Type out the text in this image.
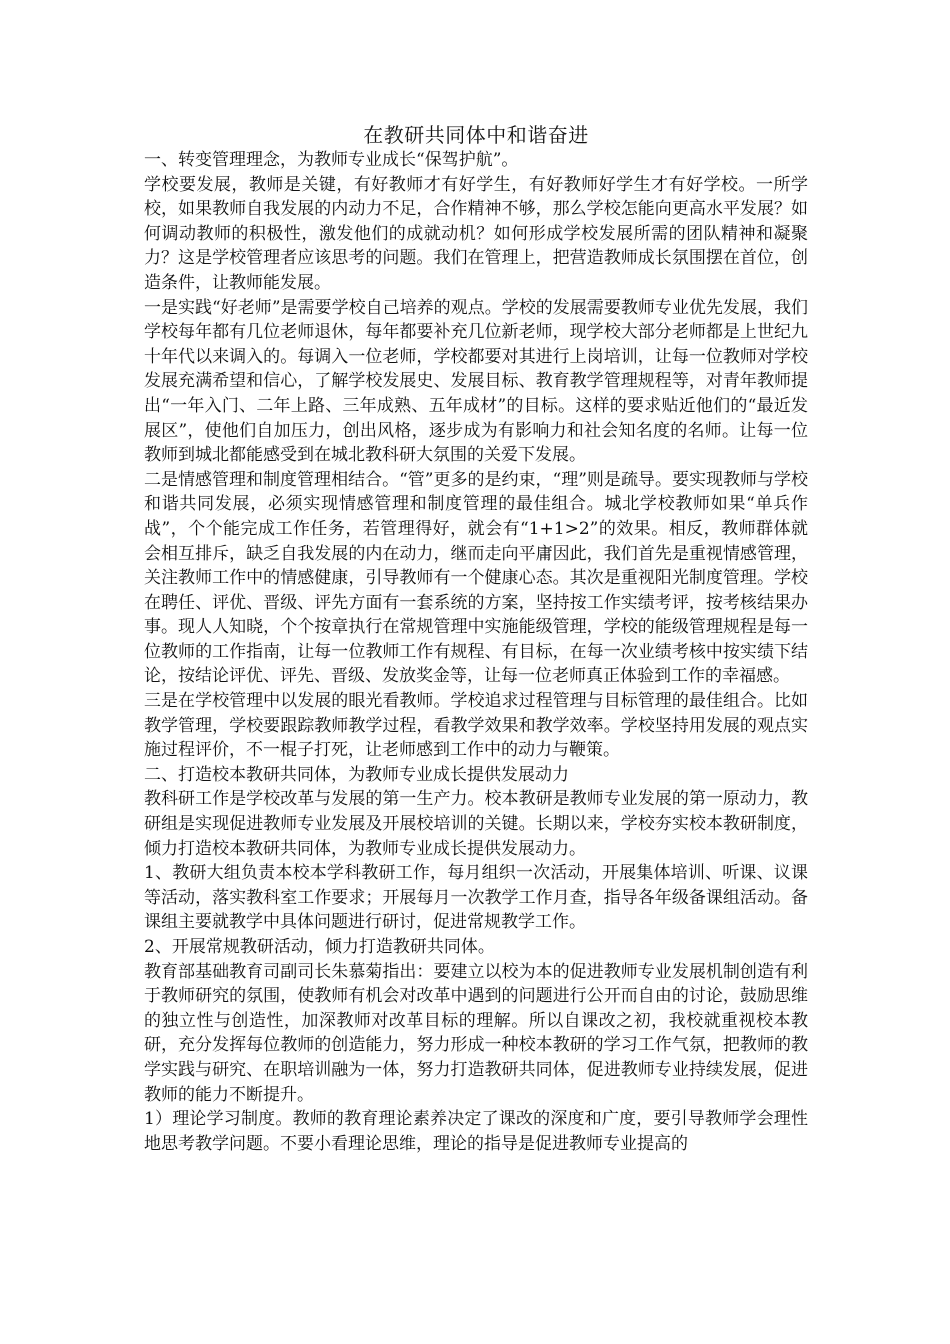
在教研共同体中和谐奋进

一、转变管理理念，为教师专业成长“保驾护航”。

学校要发展，教师是关键，有好教师才有好学生，有好教师好学生才有好学校。一所学校，如果教师自我发展的内动力不足，合作精神不够，那么学校怎能向更高水平发展？如何调动教师的积极性，激发他们的成就动机？如何形成学校发展所需的团队精神和凝聚力？这是学校管理者应该思考的问题。我们在管理上，把营造教师成长氛围摆在首位，创造条件，让教师能发展。

一是实践“好老师”是需要学校自己培养的观点。学校的发展需要教师专业优先发展，我们学校每年都有几位老师退休，每年都要补充几位新老师，现学校大部分老师都是上世纪九十年代以来调入的。每调入一位老师，学校都要对其进行上岗培训，让每一位教师对学校发展充满希望和信心，了解学校发展史、发展目标、教育教学管理规程等，对青年教师提出“一年入门、二年上路、三年成熟、五年成材”的目标。这样的要求贴近他们的“最近发展区”，使他们自加压力，创出风格，逐步成为有影响力和社会知名度的名师。让每一位教师到城北都能感受到在城北教科研大氛围的关爱下发展。

二是情感管理和制度管理相结合。“管”更多的是约束，“理”则是疏导。要实现教师与学校和谐共同发展，必须实现情感管理和制度管理的最佳组合。城北学校教师如果“单兵作战”，个个能完成工作任务，若管理得好，就会有“1+1>2”的效果。相反，教师群体就会相互排斥，缺乏自我发展的内在动力，继而走向平庸因此，我们首先是重视情感管理，关注教师工作中的情感健康，引导教师有一个健康心态。其次是重视阳光制度管理。学校在聘任、评优、晋级、评先方面有一套系统的方案，坚持按工作实绩考评，按考核结果办事。现人人知晓，个个按章执行在常规管理中实施能级管理，学校的能级管理规程是每一位教师的工作指南，让每一位教师工作有规程、有目标，在每一次业绩考核中按实绩下结论，按结论评优、评先、晋级、发放奖金等，让每一位老师真正体验到工作的幸福感。

三是在学校管理中以发展的眼光看教师。学校追求过程管理与目标管理的最佳组合。比如教学管理，学校要跟踪教师教学过程，看教学效果和教学效率。学校坚持用发展的观点实施过程评价，不一棍子打死，让老师感到工作中的动力与鞭策。

二、打造校本教研共同体，为教师专业成长提供发展动力

教科研工作是学校改革与发展的第一生产力。校本教研是教师专业发展的第一原动力，教研组是实现促进教师专业发展及开展校培训的关键。长期以来，学校夯实校本教研制度，倾力打造校本教研共同体，为教师专业成长提供发展动力。

1、教研大组负责本校本学科教研工作，每月组织一次活动，开展集体培训、听课、议课等活动，落实教科室工作要求；开展每月一次教学工作月查，指导各年级备课组活动。备课组主要就教学中具体问题进行研讨，促进常规教学工作。

2、开展常规教研活动，倾力打造教研共同体。

教育部基础教育司副司长朱慕菊指出：要建立以校为本的促进教师专业发展机制创造有利于教师研究的氛围，使教师有机会对改革中遇到的问题进行公开而自由的讨论，鼓励思维的独立性与创造性，加深教师对改革目标的理解。所以自课改之初，我校就重视校本教研，充分发挥每位教师的创造能力，努力形成一种校本教研的学习工作气氛，把教师的教学实践与研究、在职培训融为一体，努力打造教研共同体，促进教师专业持续发展，促进教师的能力不断提升。

1）理论学习制度。教师的教育理论素养决定了课改的深度和广度，要引导教师学会理性地思考教学问题。不要小看理论思维，理论的指导是促进教师专业提高的
